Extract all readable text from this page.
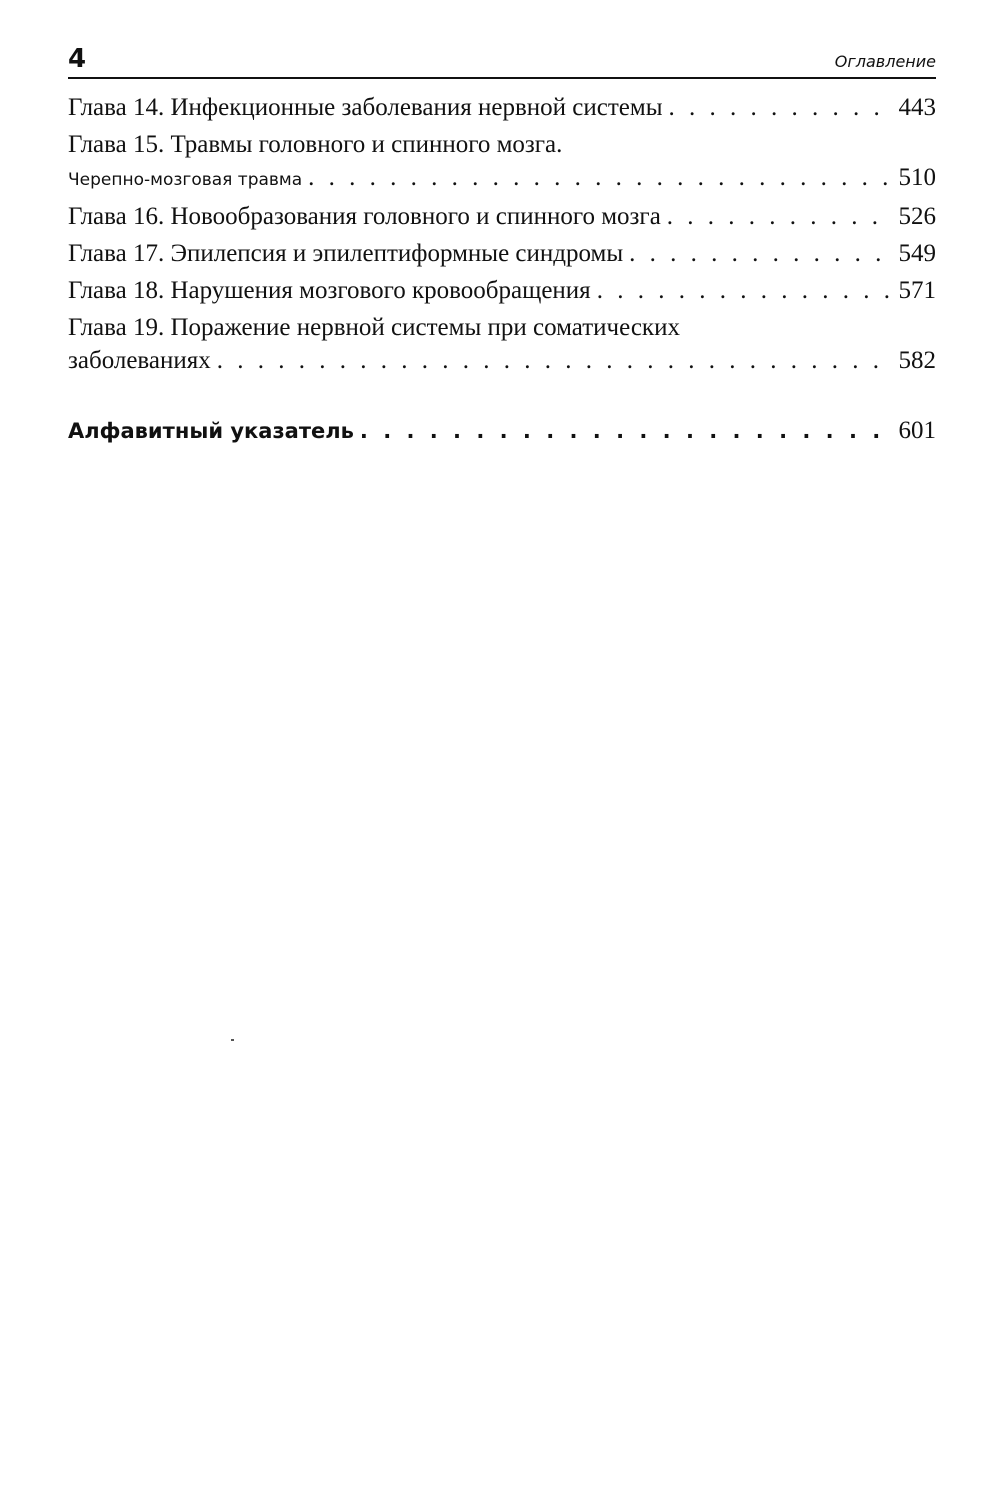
4	Оглавление
Глава 14. Инфекционные заболевания нервной системы . . .	443
Глава 15. Травмы головного и спинного мозга.
Черепно-мозговая травма . . .	510
Глава 16. Новообразования головного и спинного мозга . . .	526
Глава 17. Эпилепсия и эпилептиформные синдромы . . .	549
Глава 18. Нарушения мозгового кровообращения . . .	571
Глава 19. Поражение нервной системы при соматических
заболеваниях . . .	582
Алфавитный указатель . . .	601
